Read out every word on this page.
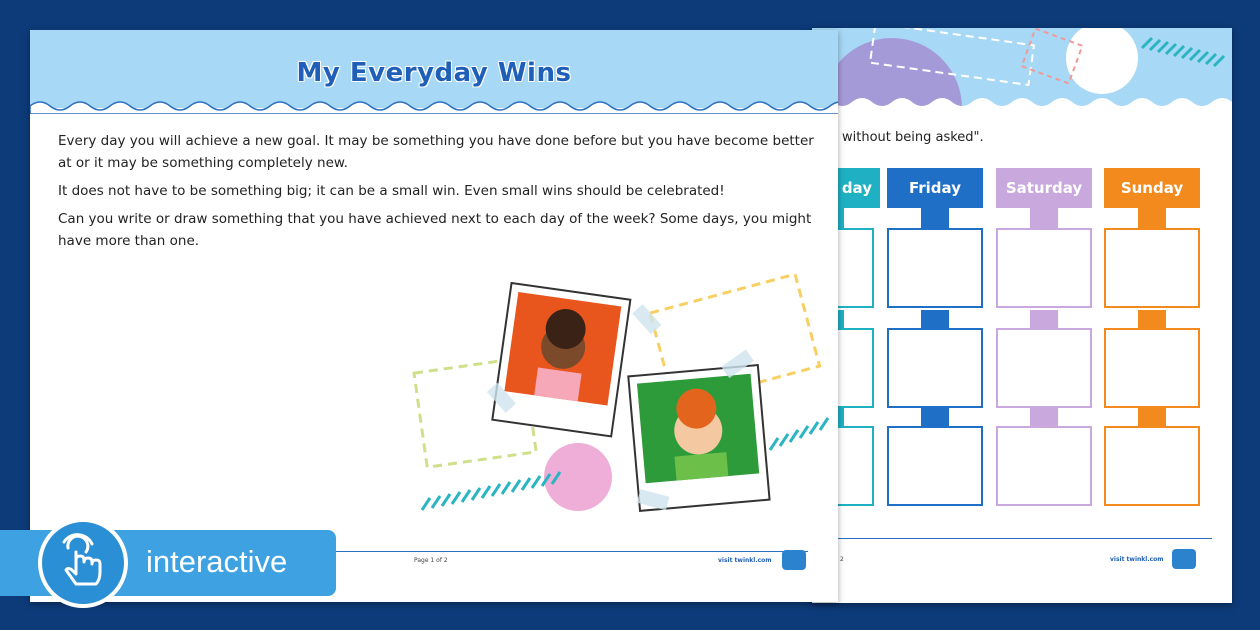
without being asked".
day	Friday	Saturday	Sunday
2	visit twinkl.com
My Everyday Wins

Every day you will achieve a new goal. It may be something you have done before but you have become better at or it may be something completely new.

It does not have to be something big; it can be a small win. Even small wins should be celebrated!

Can you write or draw something that you have achieved next to each day of the week? Some days, you might have more than one.

Page 1 of 2	visit twinkl.com
interactive
